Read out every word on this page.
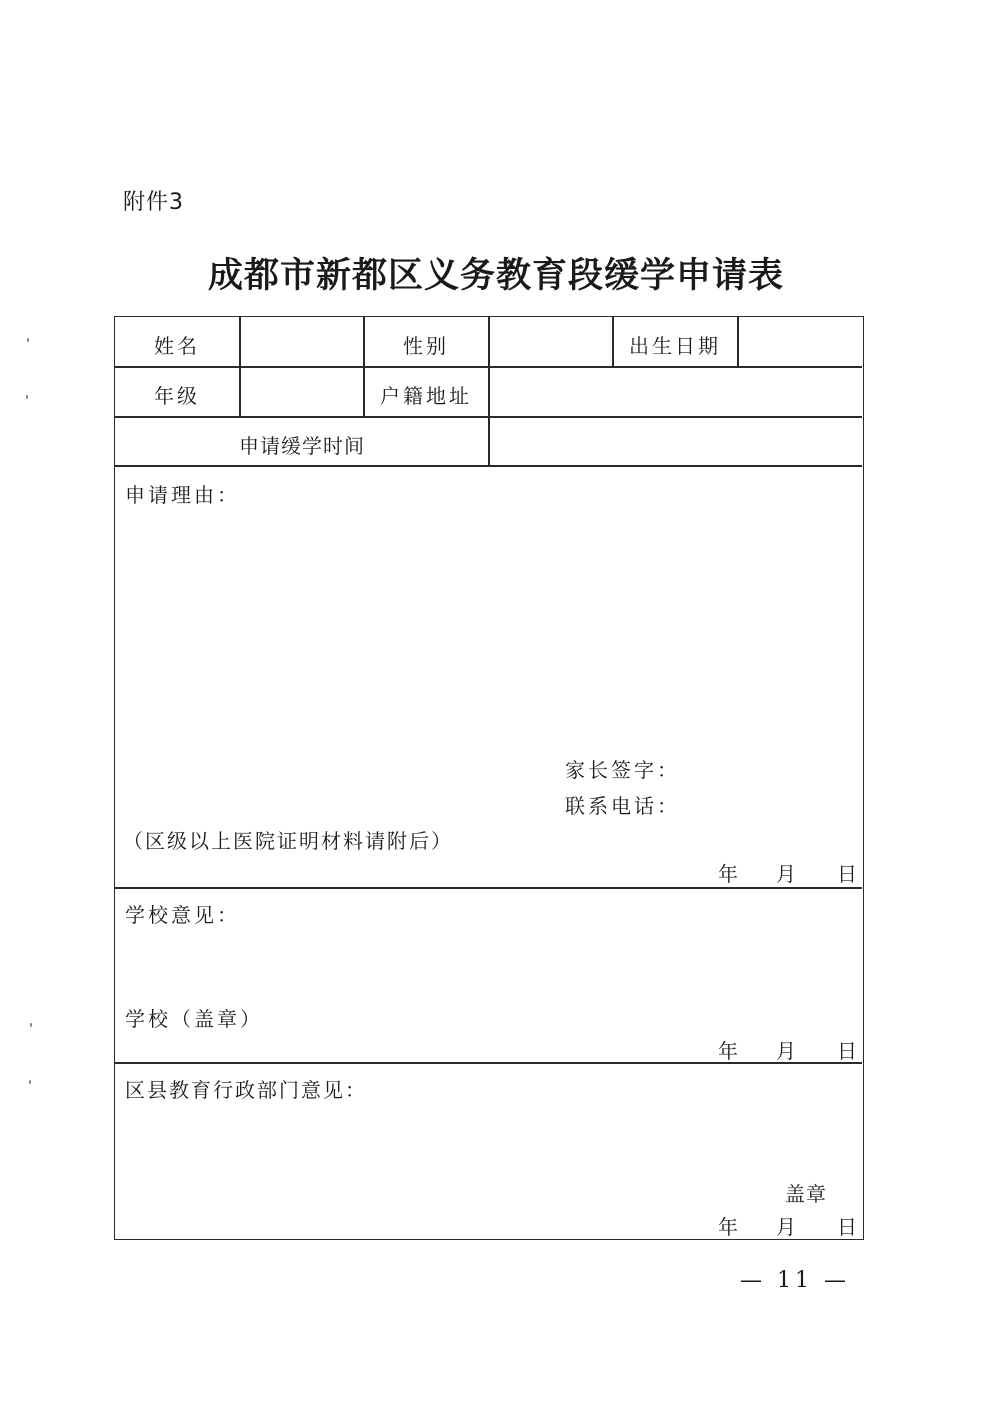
附件3
成都市新都区义务教育段缓学申请表
姓名	性别	出生日期
年级	户籍地址
申请缓学时间
申请理由：
家长签字：
联系电话：
（区级以上医院证明材料请附后）
年 月 日
学校意见：
学校（盖章）
年 月 日
区县教育行政部门意见：
盖章
年 月 日
— 11 —
